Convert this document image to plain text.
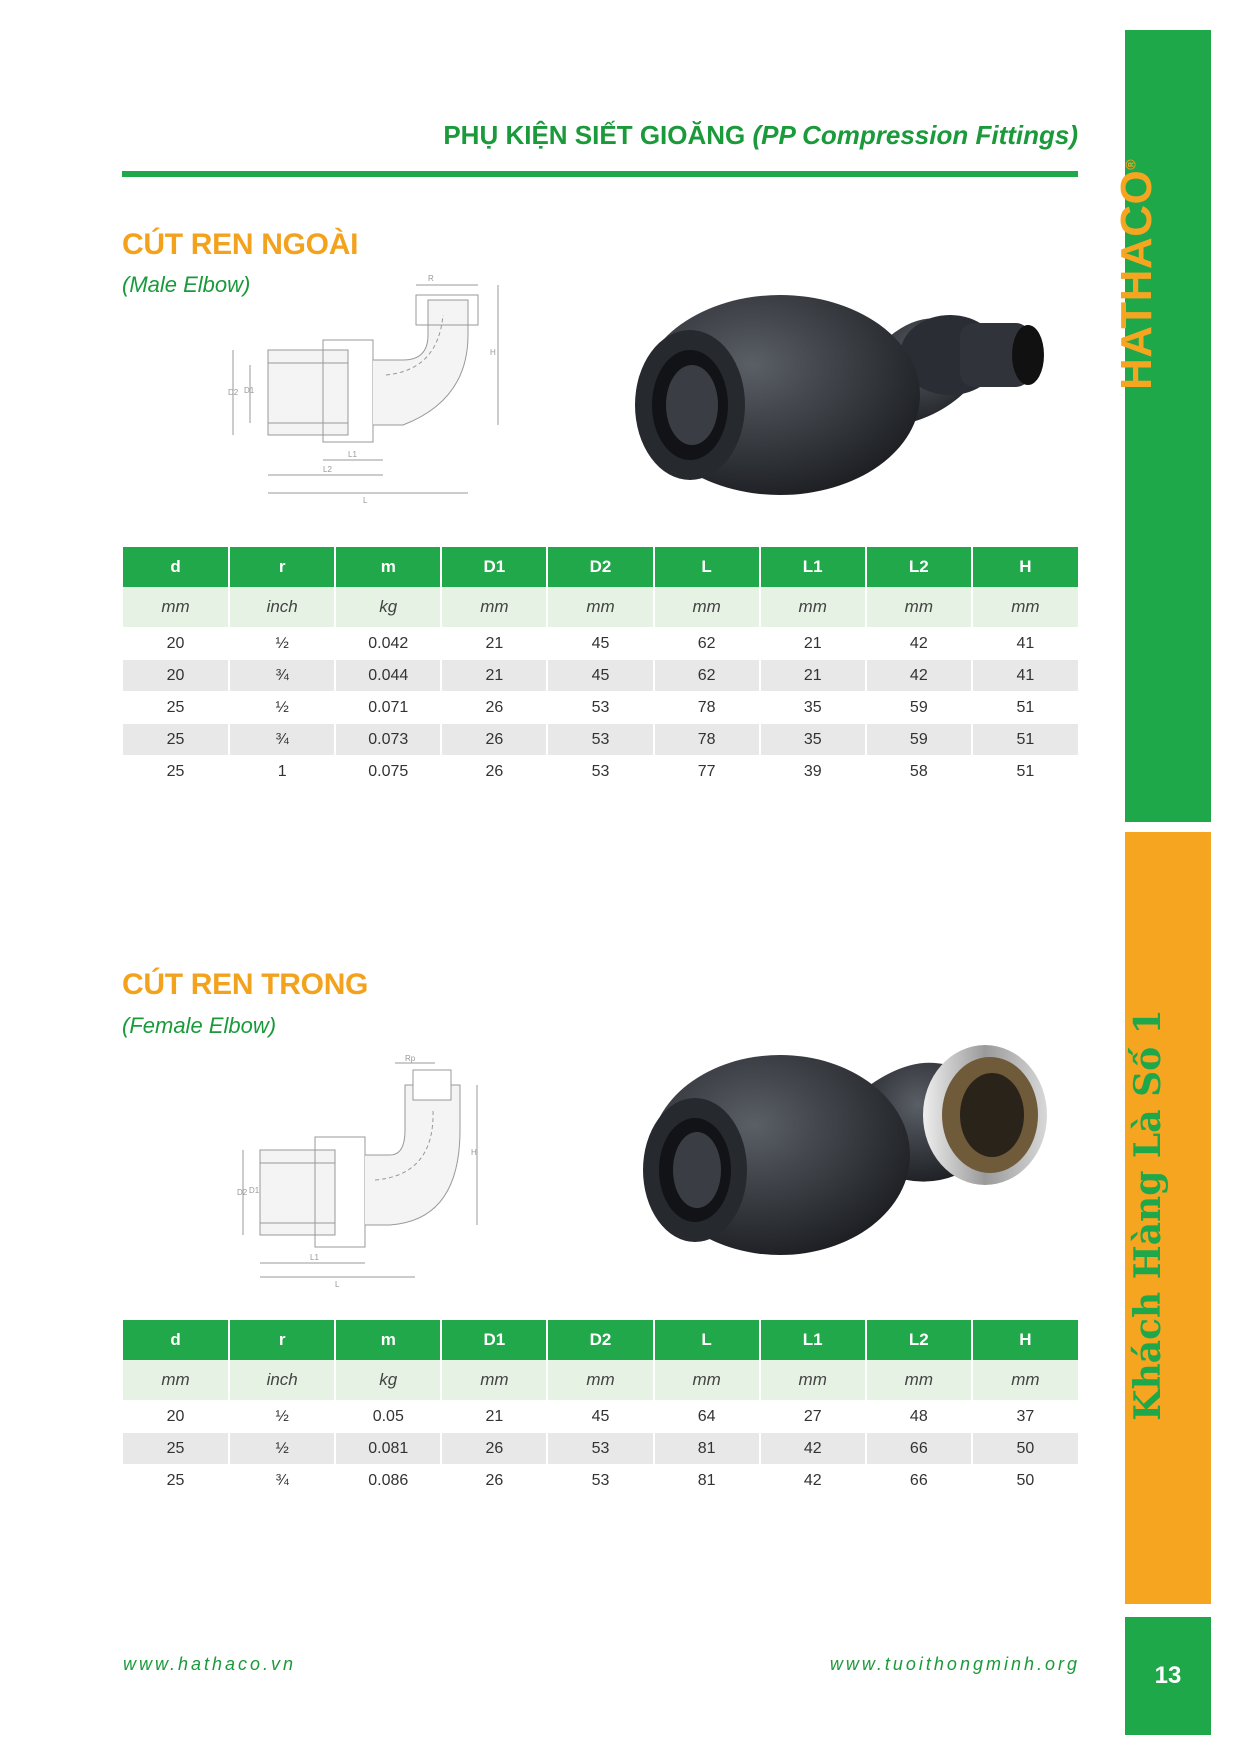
PHỤ KIỆN SIẾT GIOĂNG (PP Compression Fittings)
CÚT REN NGOÀI
(Male Elbow)
L
L1
L2
H
D2 D1
R
d	r	m	D1	D2	L	L1	L2	H
mm	inch	kg	mm	mm	mm	mm	mm	mm
20	½	0.042	21	45	62	21	42	41
20	¾	0.044	21	45	62	21	42	41
25	½	0.071	26	53	78	35	59	51
25	¾	0.073	26	53	78	35	59	51
25	1	0.075	26	53	77	39	58	51
CÚT REN TRONG
(Female Elbow)
L
L1
H
D2 D1
Rp
d	r	m	D1	D2	L	L1	L2	H
mm	inch	kg	mm	mm	mm	mm	mm	mm
20	½	0.05	21	45	64	27	48	37
25	½	0.081	26	53	81	42	66	50
25	¾	0.086	26	53	81	42	66	50
HATHACO®
Khách Hàng Là Số 1
13
www.hathaco.vn	www.tuoithongminh.org
